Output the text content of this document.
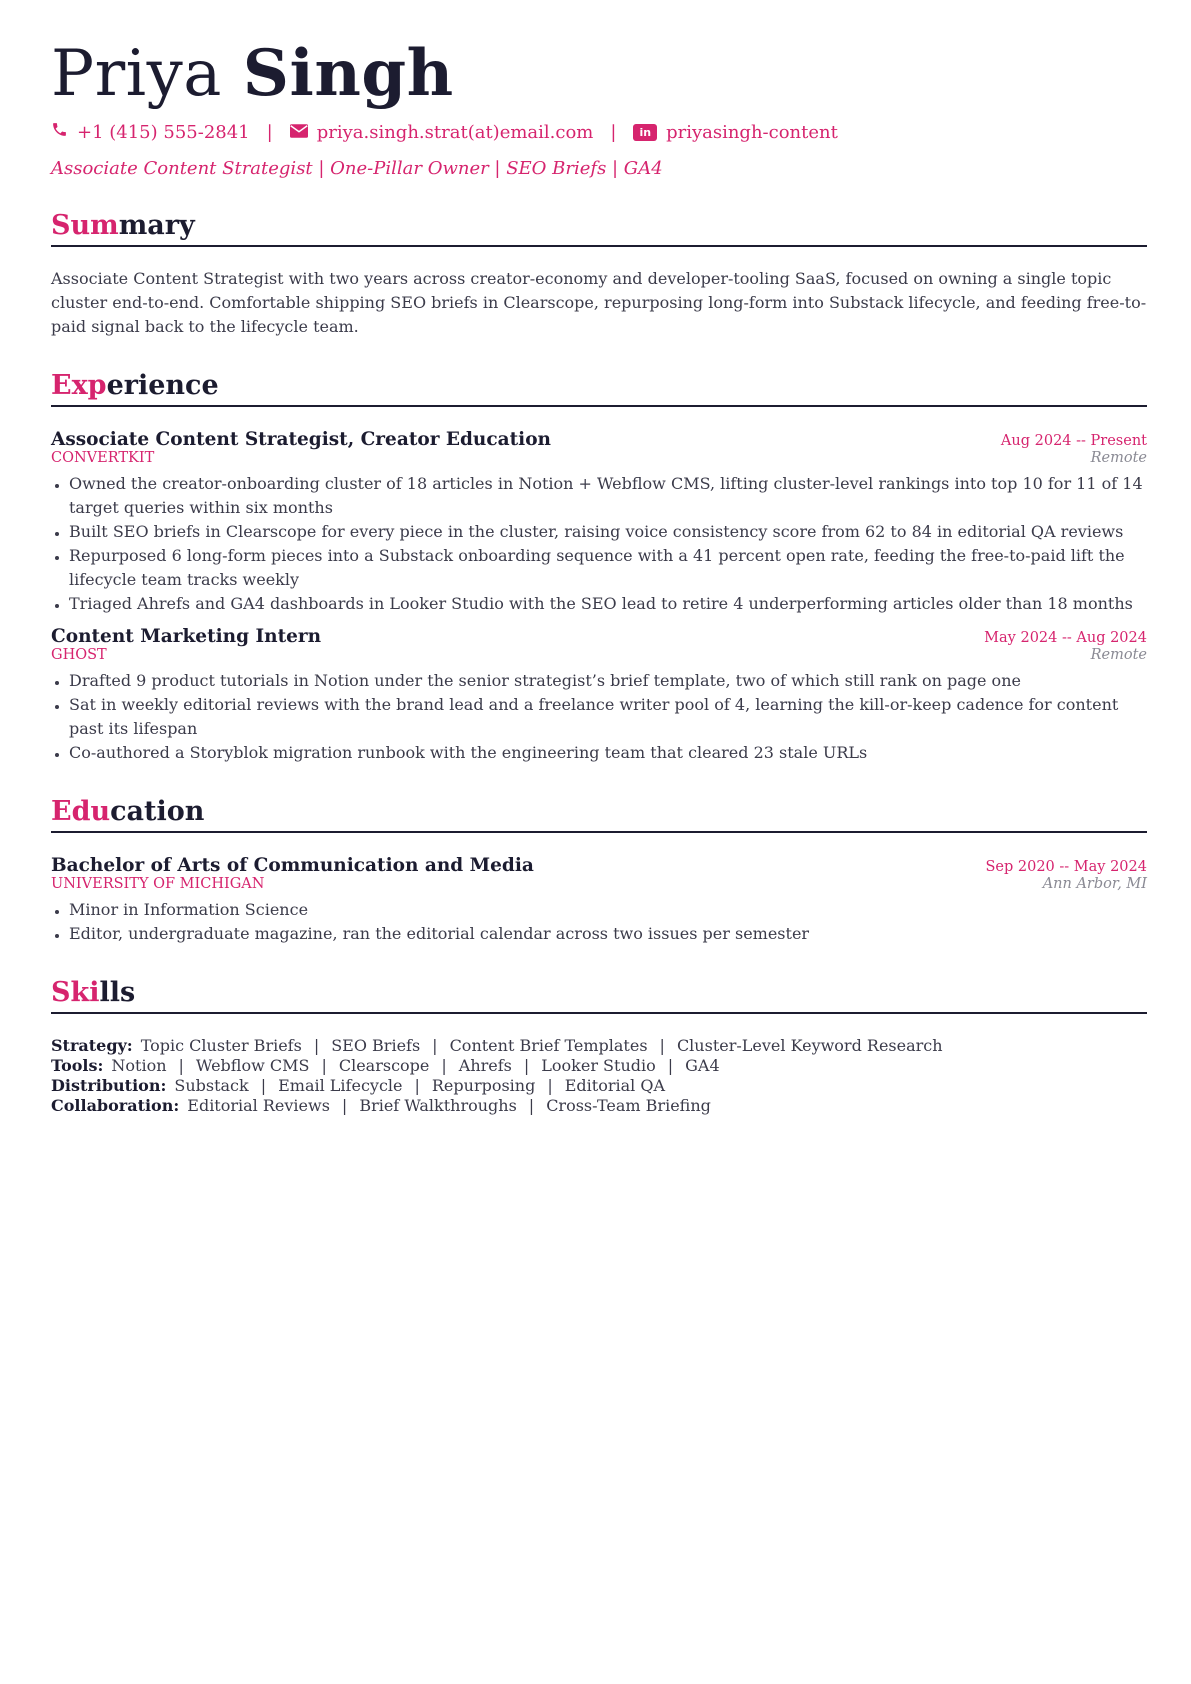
Priya Singh
+1 (415) 555-2841 | priya.singh.strat(at)email.com |	in priyasingh-content
Associate Content Strategist | One-Pillar Owner | SEO Briefs | GA4
Summary
Associate Content Strategist with two years across creator-economy and developer-tooling SaaS, focused on owning a single topic cluster end-to-end. Comfortable shipping SEO briefs in Clearscope, repurposing long-form into Substack lifecycle, and feeding free-to-paid signal back to the lifecycle team.
Experience
Associate Content Strategist, Creator Education	Aug 2024 -- Present
CONVERTKIT	Remote
• Owned the creator-onboarding cluster of 18 articles in Notion + Webflow CMS, lifting cluster-level rankings into top 10 for 11 of 14 target queries within six months
• Built SEO briefs in Clearscope for every piece in the cluster, raising voice consistency score from 62 to 84 in editorial QA reviews
• Repurposed 6 long-form pieces into a Substack onboarding sequence with a 41 percent open rate, feeding the free-to-paid lift the lifecycle team tracks weekly
• Triaged Ahrefs and GA4 dashboards in Looker Studio with the SEO lead to retire 4 underperforming articles older than 18 months
Content Marketing Intern	May 2024 -- Aug 2024
GHOST	Remote
• Drafted 9 product tutorials in Notion under the senior strategist’s brief template, two of which still rank on page one
• Sat in weekly editorial reviews with the brand lead and a freelance writer pool of 4, learning the kill-or-keep cadence for content past its lifespan
• Co-authored a Storyblok migration runbook with the engineering team that cleared 23 stale URLs
Education
Bachelor of Arts of Communication and Media	Sep 2020 -- May 2024
UNIVERSITY OF MICHIGAN	Ann Arbor, MI
• Minor in Information Science
• Editor, undergraduate magazine, ran the editorial calendar across two issues per semester
Skills
Strategy: Topic Cluster Briefs | SEO Briefs | Content Brief Templates | Cluster-Level Keyword Research
Tools: Notion | Webflow CMS | Clearscope | Ahrefs | Looker Studio | GA4
Distribution: Substack | Email Lifecycle | Repurposing | Editorial QA
Collaboration: Editorial Reviews | Brief Walkthroughs | Cross-Team Briefing
